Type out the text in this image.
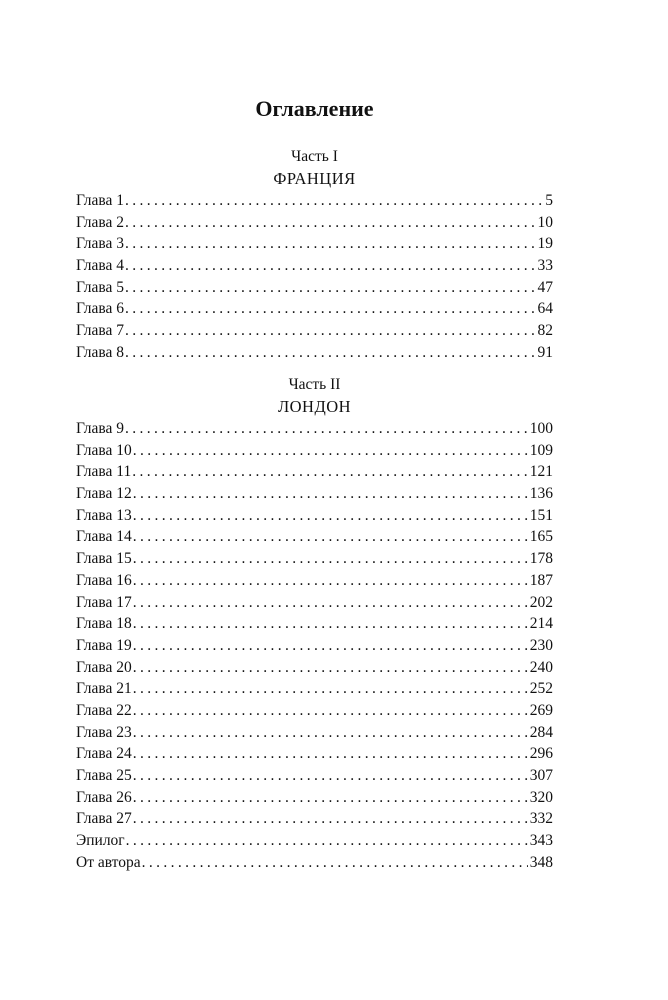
Оглавление
Часть I
ФРАНЦИЯ
Глава 1 . . .	5
Глава 2 . . .	10
Глава 3 . . .	19
Глава 4 . . .	33
Глава 5 . . .	47
Глава 6 . . .	64
Глава 7 . . .	82
Глава 8 . . .	91
Часть II
ЛОНДОН
Глава 9 . . .	100
Глава 10 . . .	109
Глава 11 . . .	121
Глава 12 . . .	136
Глава 13 . . .	151
Глава 14 . . .	165
Глава 15 . . .	178
Глава 16 . . .	187
Глава 17 . . .	202
Глава 18 . . .	214
Глава 19 . . .	230
Глава 20 . . .	240
Глава 21 . . .	252
Глава 22 . . .	269
Глава 23 . . .	284
Глава 24 . . .	296
Глава 25 . . .	307
Глава 26 . . .	320
Глава 27 . . .	332
Эпилог . . .	343
От автора . . .	348
